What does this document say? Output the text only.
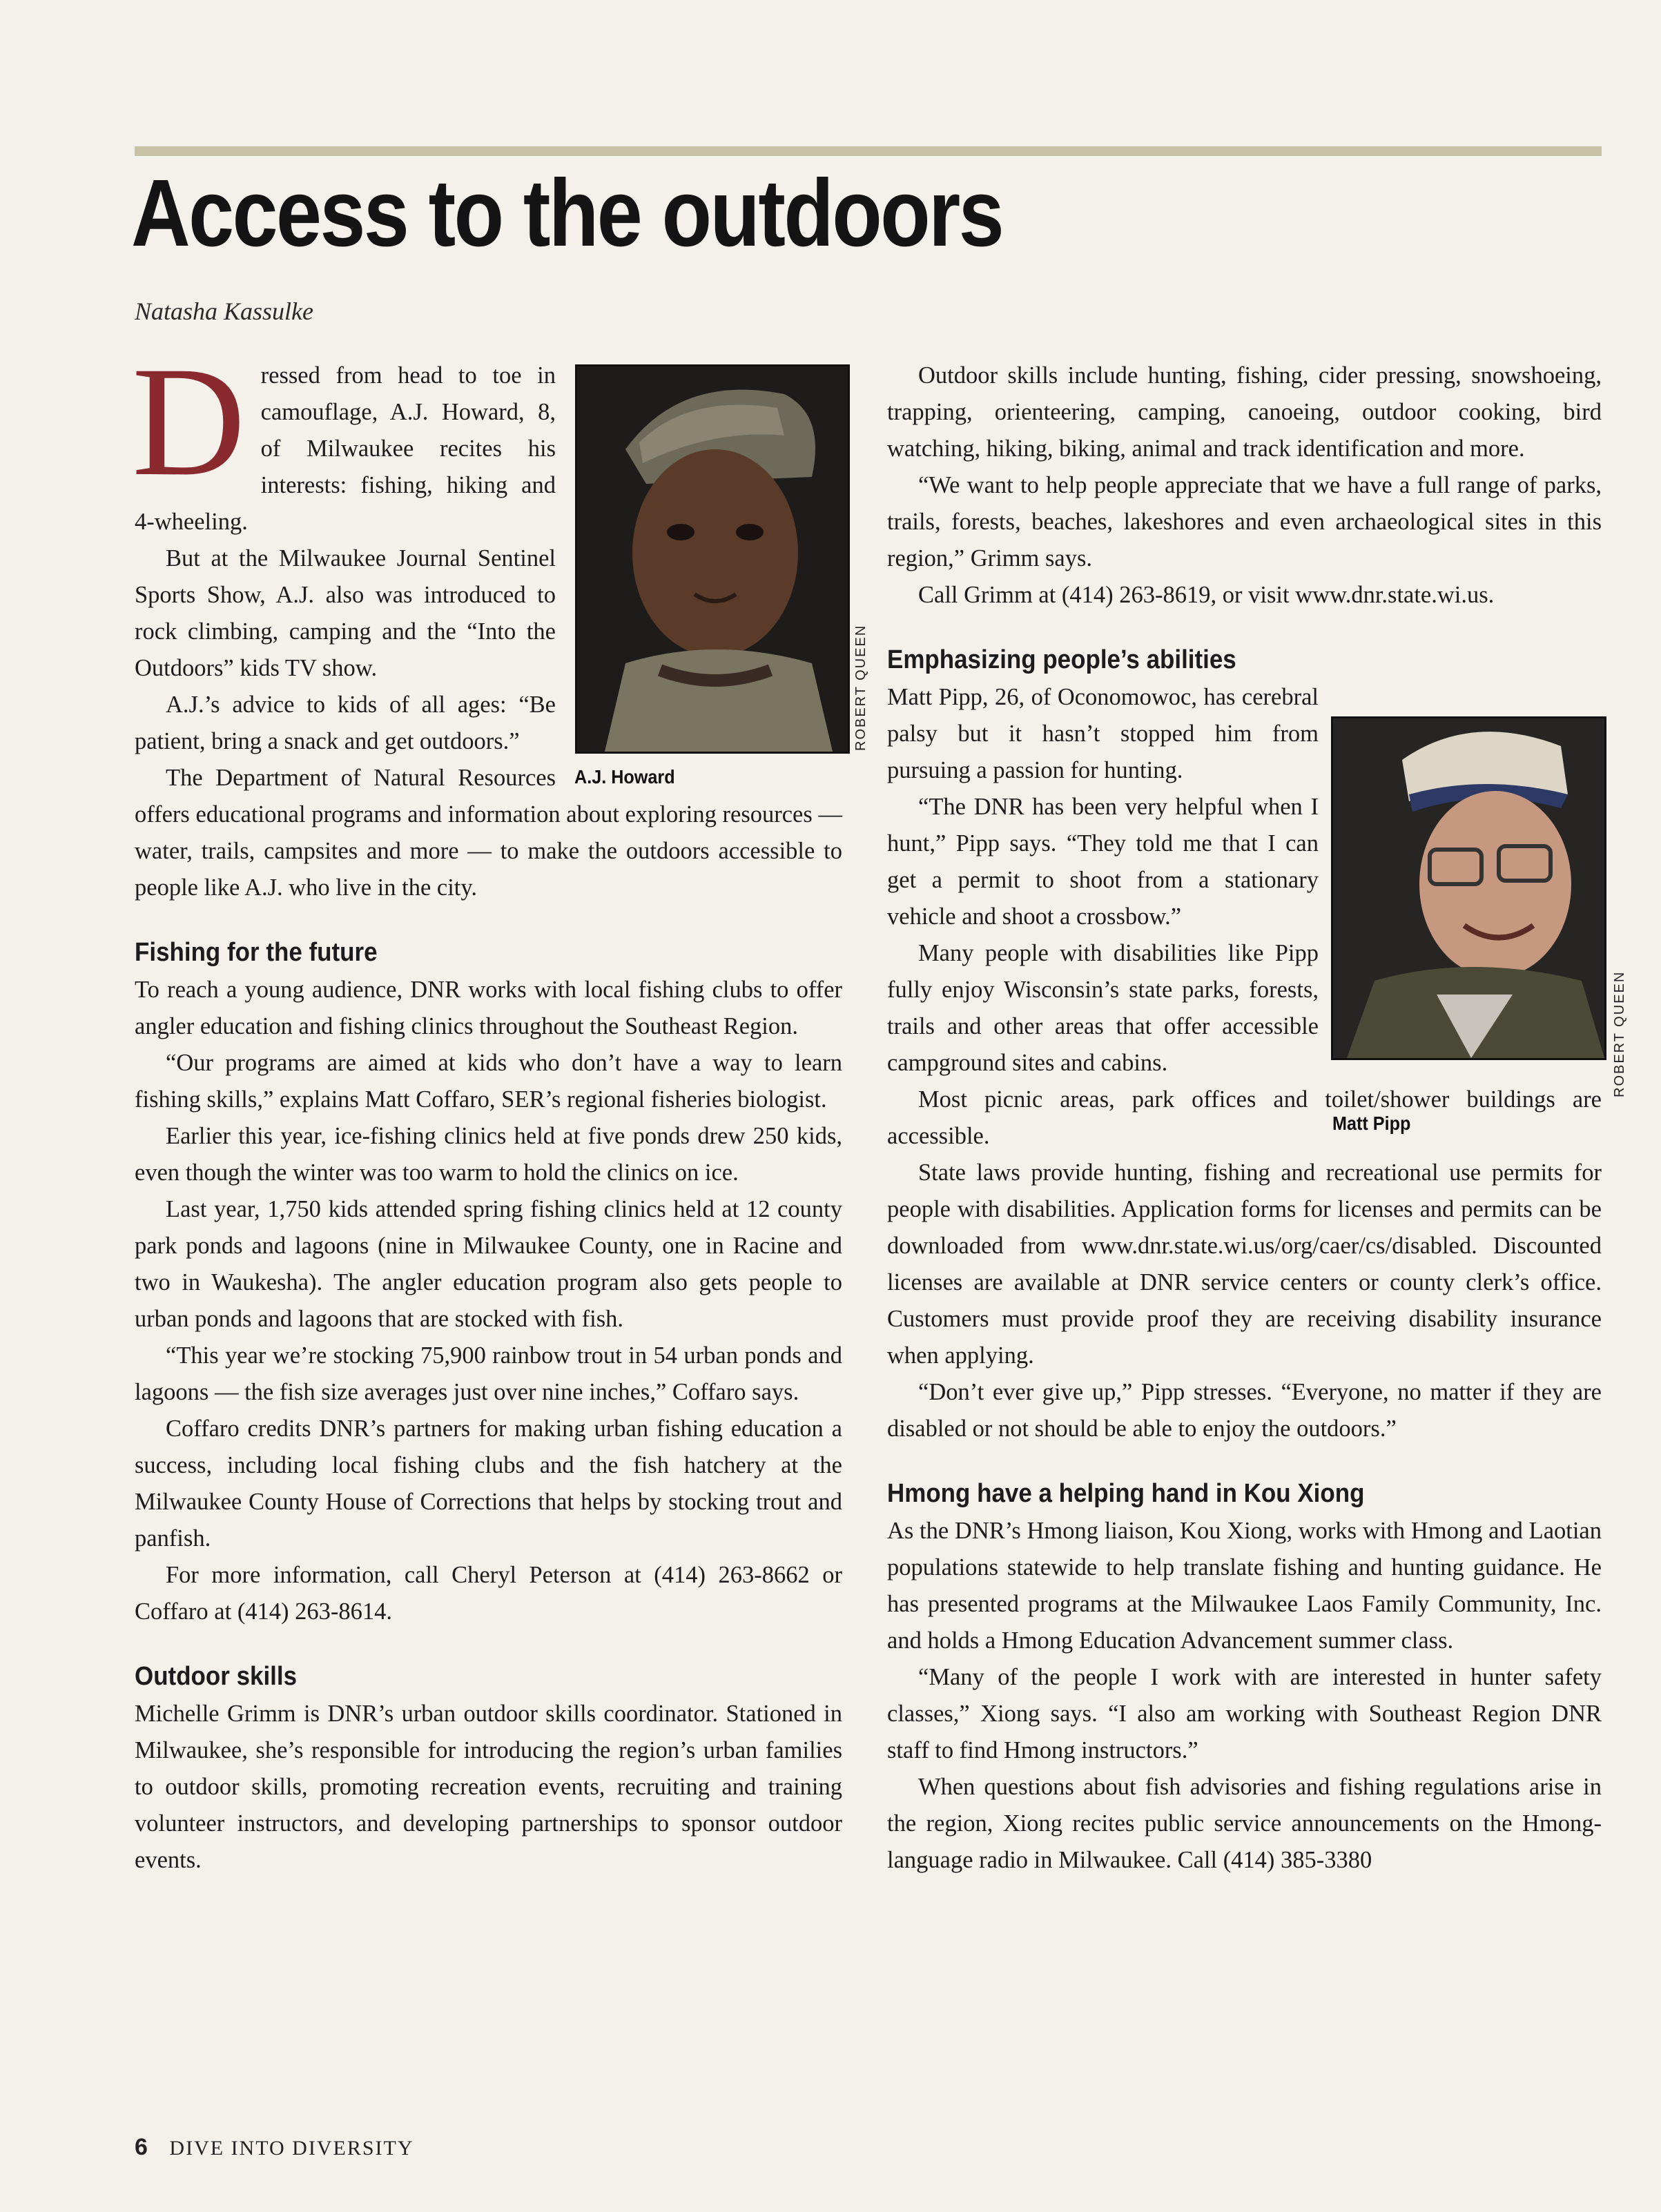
Access to the outdoors
Natasha Kassulke
ROBERT QUEEN
A.J. Howard
ROBERT QUEEN
Matt Pipp
D ressed from head to toe in camouflage, A.J. Howard, 8, of Milwaukee recites his interests: fishing, hiking and 4-wheeling.

But at the Milwaukee Journal Sentinel Sports Show, A.J. also was introduced to rock climbing, camping and the “Into the Outdoors” kids TV show.

A.J.’s advice to kids of all ages: “Be patient, bring a snack and get outdoors.”

The Department of Natural Resources offers educational programs and information about exploring resources — water, trails, campsites and more — to make the outdoors accessible to people like A.J. who live in the city.

Fishing for the future

To reach a young audience, DNR works with local fishing clubs to offer angler education and fishing clinics throughout the Southeast Region.

“Our programs are aimed at kids who don’t have a way to learn fishing skills,” explains Matt Coffaro, SER’s regional fisheries biologist.

Earlier this year, ice-fishing clinics held at five ponds drew 250 kids, even though the winter was too warm to hold the clinics on ice.

Last year, 1,750 kids attended spring fishing clinics held at 12 county park ponds and lagoons (nine in Milwaukee County, one in Racine and two in Waukesha). The angler education program also gets people to urban ponds and lagoons that are stocked with fish.

“This year we’re stocking 75,900 rainbow trout in 54 urban ponds and lagoons — the fish size averages just over nine inches,” Coffaro says.

Coffaro credits DNR’s partners for making urban fishing education a success, including local fishing clubs and the fish hatchery at the Milwaukee County House of Corrections that helps by stocking trout and panfish.

For more information, call Cheryl Peterson at (414) 263-8662 or Coffaro at (414) 263-8614.

Outdoor skills

Michelle Grimm is DNR’s urban outdoor skills coordinator. Stationed in Milwaukee, she’s responsible for introducing the region’s urban families to outdoor skills, promoting recreation events, recruiting and training volunteer instructors, and developing partnerships to sponsor outdoor events.

Outdoor skills include hunting, fishing, cider pressing, snowshoeing, trapping, orienteering, camping, canoeing, outdoor cooking, bird watching, hiking, biking, animal and track identification and more.

“We want to help people appreciate that we have a full range of parks, trails, forests, beaches, lakeshores and even archaeological sites in this region,” Grimm says.

Call Grimm at (414) 263-8619, or visit www.dnr.state.wi.us.

Emphasizing people’s abilities

Matt Pipp, 26, of Oconomowoc, has cerebral palsy but it hasn’t stopped him from pursuing a passion for hunting.

“The DNR has been very helpful when I hunt,” Pipp says. “They told me that I can get a permit to shoot from a stationary vehicle and shoot a crossbow.”

Many people with disabilities like Pipp fully enjoy Wisconsin’s state parks, forests, trails and other areas that offer accessible campground sites and cabins.

Most picnic areas, park offices and toilet/shower buildings are accessible.

State laws provide hunting, fishing and recreational use permits for people with disabilities. Application forms for licenses and permits can be downloaded from www.dnr.state.wi.us/org/caer/cs/disabled. Discounted licenses are available at DNR service centers or county clerk’s office. Customers must provide proof they are receiving disability insurance when applying.

“Don’t ever give up,” Pipp stresses. “Everyone, no matter if they are disabled or not should be able to enjoy the outdoors.”

Hmong have a helping hand in Kou Xiong

As the DNR’s Hmong liaison, Kou Xiong, works with Hmong and Laotian populations statewide to help translate fishing and hunting guidance. He has presented programs at the Milwaukee Laos Family Community, Inc. and holds a Hmong Education Advancement summer class.

“Many of the people I work with are interested in hunter safety classes,” Xiong says. “I also am working with Southeast Region DNR staff to find Hmong instructors.”

When questions about fish advisories and fishing regulations arise in the region, Xiong recites public service announcements on the Hmong-language radio in Milwaukee. Call (414) 385-3380

6 DIVE INTO DIVERSITY
